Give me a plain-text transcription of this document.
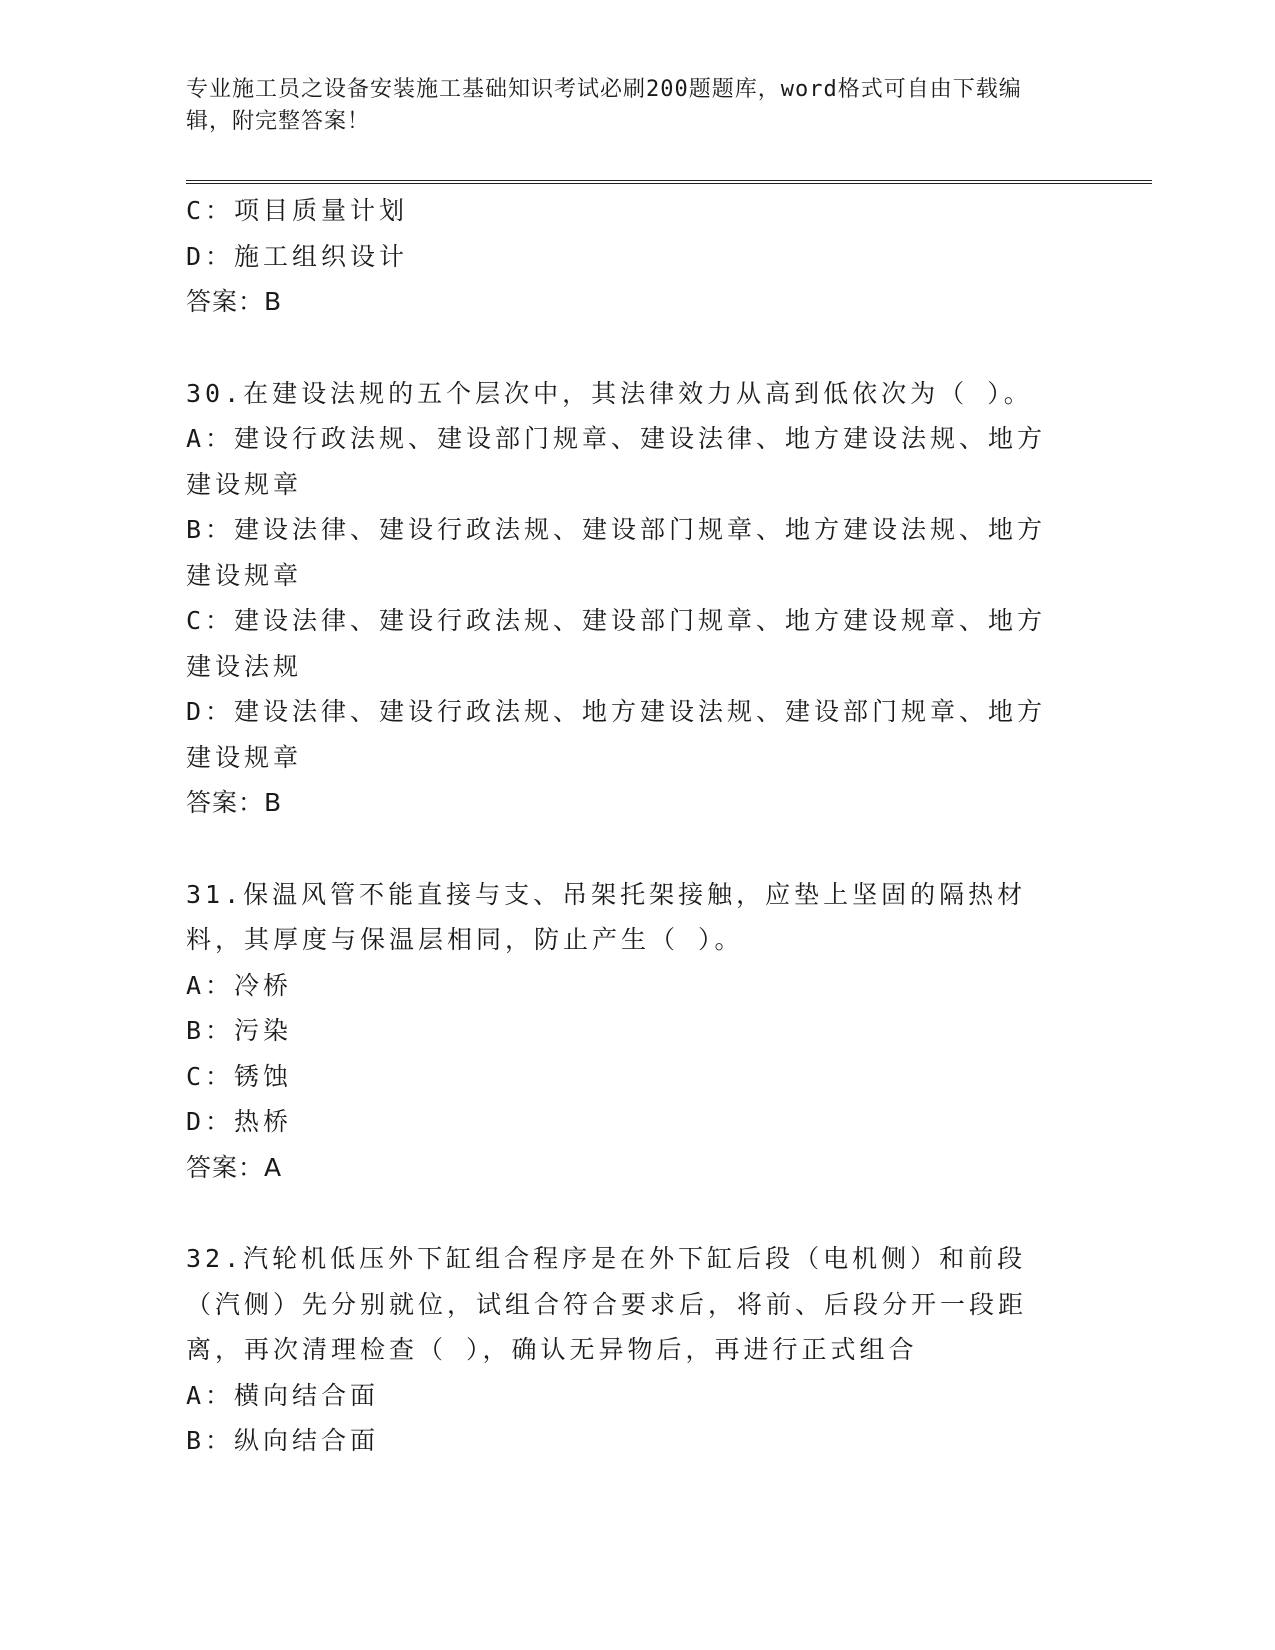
专业施工员之设备安装施工基础知识考试必刷200题题库，word格式可自由下载编辑，附完整答案！

C：项目质量计划
D：施工组织设计
答案：B
30.在建设法规的五个层次中，其法律效力从高到低依次为（ ）。
A：建设行政法规、建设部门规章、建设法律、地方建设法规、地方建设规章
B：建设法律、建设行政法规、建设部门规章、地方建设法规、地方建设规章
C：建设法律、建设行政法规、建设部门规章、地方建设规章、地方建设法规
D：建设法律、建设行政法规、地方建设法规、建设部门规章、地方建设规章
答案：B
31.保温风管不能直接与支、吊架托架接触，应垫上坚固的隔热材料，其厚度与保温层相同，防止产生（ ）。
A：冷桥
B：污染
C：锈蚀
D：热桥
答案：A
32.汽轮机低压外下缸组合程序是在外下缸后段（电机侧）和前段（汽侧）先分别就位，试组合符合要求后，将前、后段分开一段距离，再次清理检查（ ），确认无异物后，再进行正式组合
A：横向结合面
B：纵向结合面
